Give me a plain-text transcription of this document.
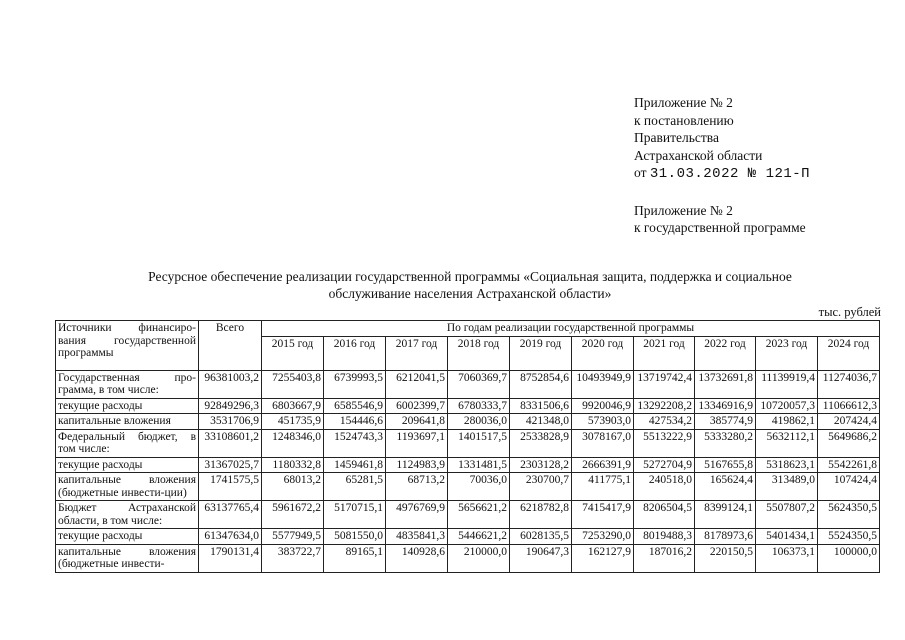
Приложение № 2
к постановлению
Правительства
Астраханской области
от 31.03.2022 № 121-П
Приложение № 2
к государственной программе
Ресурсное обеспечение реализации государственной программы «Социальная защита, поддержка и социальное
обслуживание населения Астраханской области»
тыс. рублей
Источники финансиро-вания государственной программы	Всего	По годам реализации государственной программы									
		2015 год	2016 год	2017 год	2018 год	2019 год	2020 год	2021 год	2022 год	2023 год	2024 год
Государственная про-грамма, в том числе:	96381003,2	7255403,8	6739993,5	6212041,5	7060369,7	8752854,6	10493949,9	13719742,4	13732691,8	11139919,4	11274036,7
текущие расходы	92849296,3	6803667,9	6585546,9	6002399,7	6780333,7	8331506,6	9920046,9	13292208,2	13346916,9	10720057,3	11066612,3
капитальные вложения	3531706,9	451735,9	154446,6	209641,8	280036,0	421348,0	573903,0	427534,2	385774,9	419862,1	207424,4
Федеральный бюджет, в том числе:	33108601,2	1248346,0	1524743,3	1193697,1	1401517,5	2533828,9	3078167,0	5513222,9	5333280,2	5632112,1	5649686,2
текущие расходы	31367025,7	1180332,8	1459461,8	1124983,9	1331481,5	2303128,2	2666391,9	5272704,9	5167655,8	5318623,1	5542261,8
капитальные вложения (бюджетные инвести-ции)	1741575,5	68013,2	65281,5	68713,2	70036,0	230700,7	411775,1	240518,0	165624,4	313489,0	107424,4
Бюджет Астраханской области, в том числе:	63137765,4	5961672,2	5170715,1	4976769,9	5656621,2	6218782,8	7415417,9	8206504,5	8399124,1	5507807,2	5624350,5
текущие расходы	61347634,0	5577949,5	5081550,0	4835841,3	5446621,2	6028135,5	7253290,0	8019488,3	8178973,6	5401434,1	5524350,5
капитальные вложения (бюджетные инвести-	1790131,4	383722,7	89165,1	140928,6	210000,0	190647,3	162127,9	187016,2	220150,5	106373,1	100000,0
